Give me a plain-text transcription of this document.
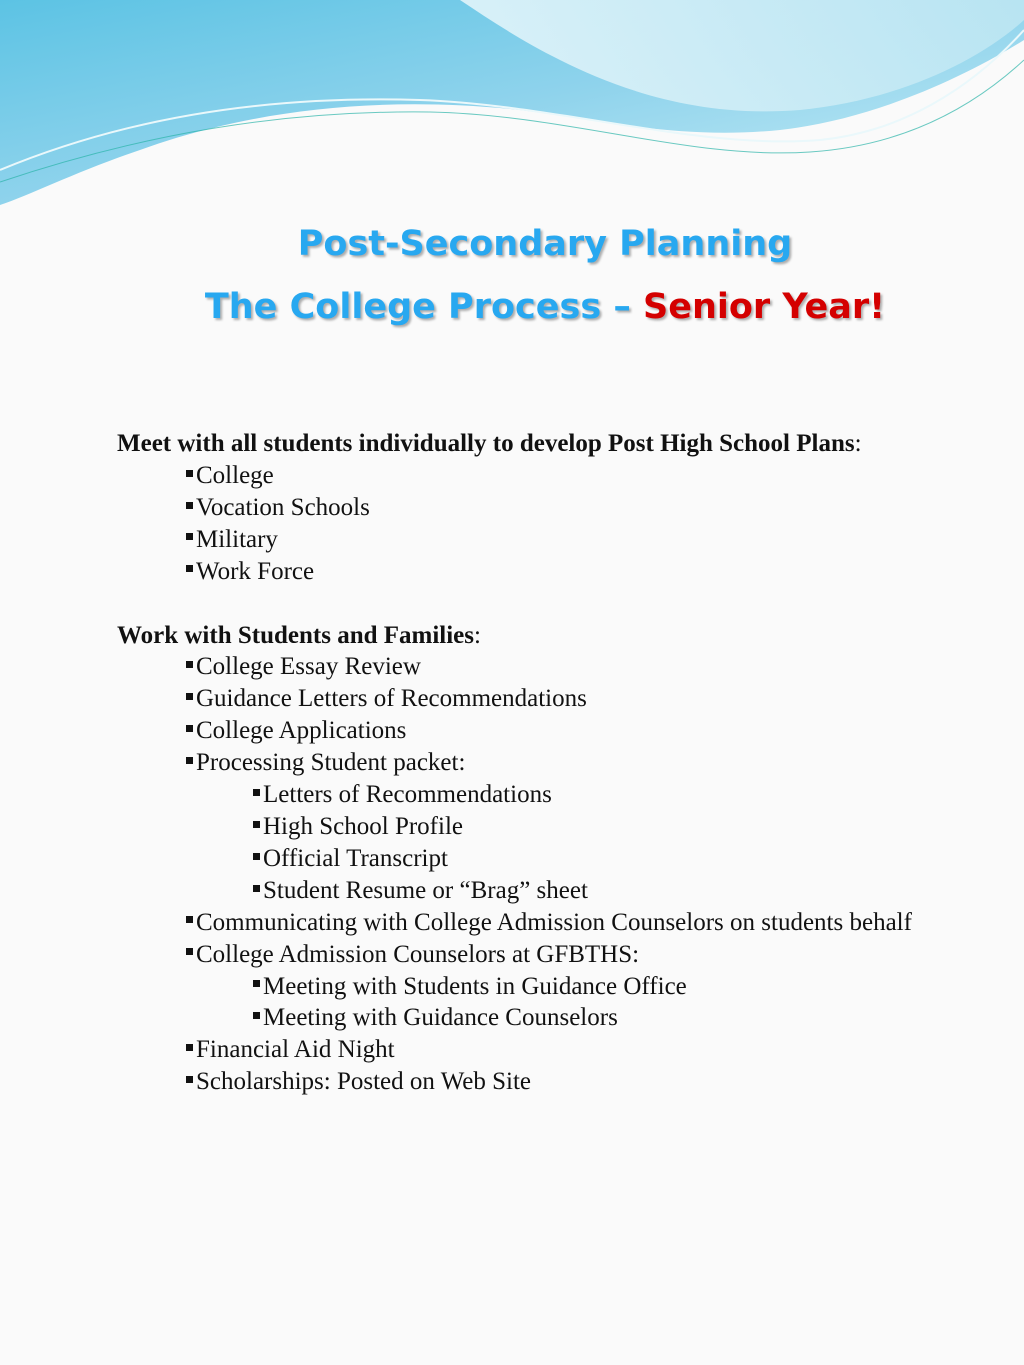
Post-Secondary Planning

The College Process – Senior Year!

Meet with all students individually to develop Post High School Plans:
College
Vocation Schools
Military
Work Force
Work with Students and Families:
College Essay Review
Guidance Letters of Recommendations
College Applications
Processing Student packet:
Letters of Recommendations
High School Profile
Official Transcript
Student Resume or “Brag” sheet
Communicating with College Admission Counselors on students behalf
College Admission Counselors at GFBTHS:
Meeting with Students in Guidance Office
Meeting with Guidance Counselors
Financial Aid Night
Scholarships: Posted on Web Site
